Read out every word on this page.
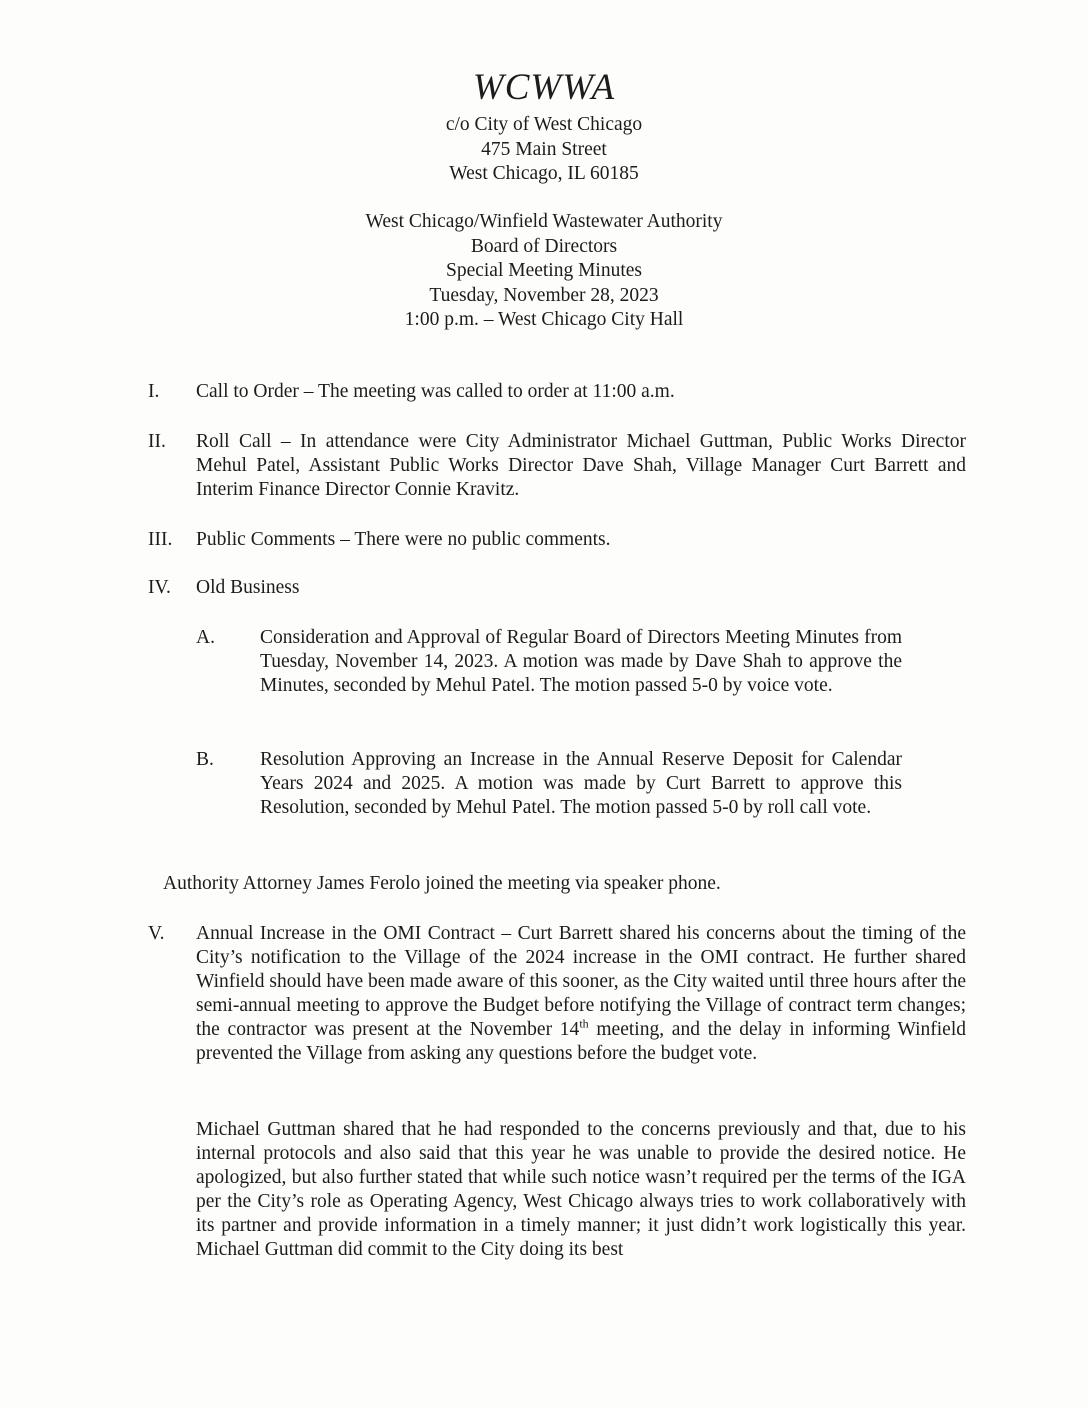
WCWWA
c/o City of West Chicago
475 Main Street
West Chicago, IL 60185
West Chicago/Winfield Wastewater Authority
Board of Directors
Special Meeting Minutes
Tuesday, November 28, 2023
1:00 p.m. – West Chicago City Hall
I. Call to Order – The meeting was called to order at 11:00 a.m.
II. Roll Call – In attendance were City Administrator Michael Guttman, Public Works Director Mehul Patel, Assistant Public Works Director Dave Shah, Village Manager Curt Barrett and Interim Finance Director Connie Kravitz.
III. Public Comments – There were no public comments.
IV. Old Business
A. Consideration and Approval of Regular Board of Directors Meeting Minutes from Tuesday, November 14, 2023. A motion was made by Dave Shah to approve the Minutes, seconded by Mehul Patel. The motion passed 5-0 by voice vote.
B. Resolution Approving an Increase in the Annual Reserve Deposit for Calendar Years 2024 and 2025. A motion was made by Curt Barrett to approve this Resolution, seconded by Mehul Patel. The motion passed 5-0 by roll call vote.
Authority Attorney James Ferolo joined the meeting via speaker phone.
V. Annual Increase in the OMI Contract – Curt Barrett shared his concerns about the timing of the City’s notification to the Village of the 2024 increase in the OMI contract. He further shared Winfield should have been made aware of this sooner, as the City waited until three hours after the semi-annual meeting to approve the Budget before notifying the Village of contract term changes; the contractor was present at the November 14th meeting, and the delay in informing Winfield prevented the Village from asking any questions before the budget vote.
Michael Guttman shared that he had responded to the concerns previously and that, due to his internal protocols and also said that this year he was unable to provide the desired notice. He apologized, but also further stated that while such notice wasn’t required per the terms of the IGA per the City’s role as Operating Agency, West Chicago always tries to work collaboratively with its partner and provide information in a timely manner; it just didn’t work logistically this year. Michael Guttman did commit to the City doing its best
